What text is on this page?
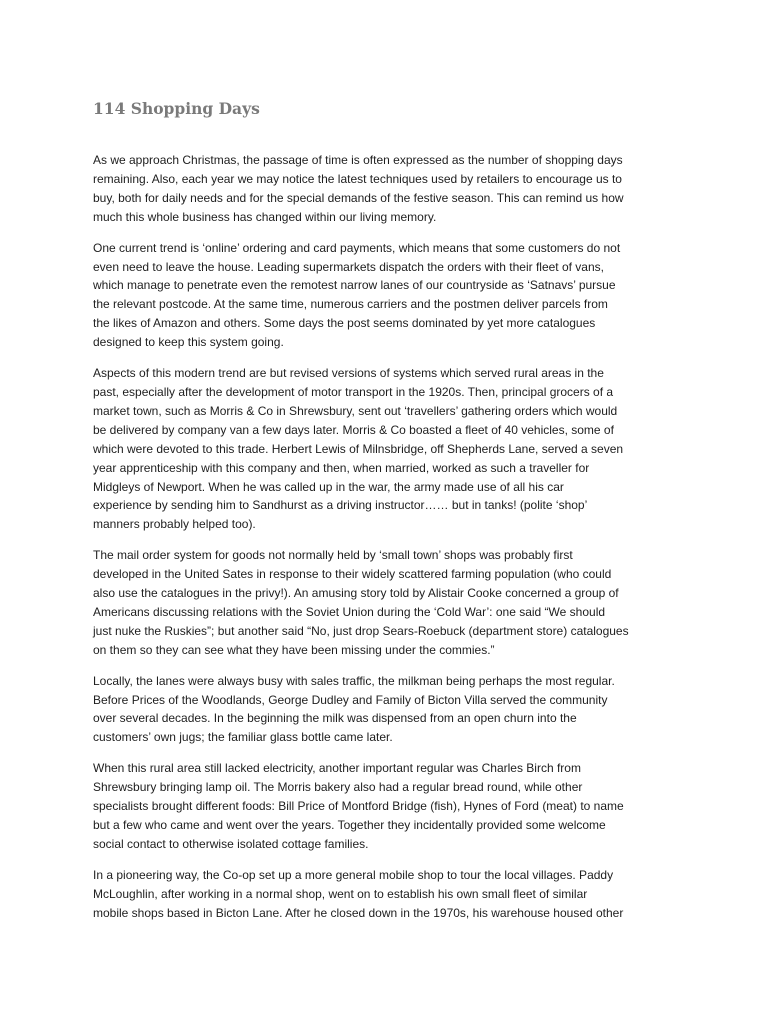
114 Shopping Days

As we approach Christmas, the passage of time is often expressed as the number of shopping days
remaining. Also, each year we may notice the latest techniques used by retailers to encourage us to
buy, both for daily needs and for the special demands of the festive season. This can remind us how
much this whole business has changed within our living memory.

One current trend is ‘online’ ordering and card payments, which means that some customers do not
even need to leave the house. Leading supermarkets dispatch the orders with their fleet of vans,
which manage to penetrate even the remotest narrow lanes of our countryside as ‘Satnavs’ pursue
the relevant postcode. At the same time, numerous carriers and the postmen deliver parcels from
the likes of Amazon and others. Some days the post seems dominated by yet more catalogues
designed to keep this system going.

Aspects of this modern trend are but revised versions of systems which served rural areas in the
past, especially after the development of motor transport in the 1920s. Then, principal grocers of a
market town, such as Morris & Co in Shrewsbury, sent out ‘travellers’ gathering orders which would
be delivered by company van a few days later. Morris & Co boasted a fleet of 40 vehicles, some of
which were devoted to this trade. Herbert Lewis of Milnsbridge, off Shepherds Lane, served a seven
year apprenticeship with this company and then, when married, worked as such a traveller for
Midgleys of Newport. When he was called up in the war, the army made use of all his car
experience by sending him to Sandhurst as a driving instructor…… but in tanks! (polite ‘shop’
manners probably helped too).

The mail order system for goods not normally held by ‘small town’ shops was probably first
developed in the United Sates in response to their widely scattered farming population (who could
also use the catalogues in the privy!). An amusing story told by Alistair Cooke concerned a group of
Americans discussing relations with the Soviet Union during the ‘Cold War’: one said “We should
just nuke the Ruskies”; but another said “No, just drop Sears-Roebuck (department store) catalogues
on them so they can see what they have been missing under the commies.”

Locally, the lanes were always busy with sales traffic, the milkman being perhaps the most regular.
Before Prices of the Woodlands, George Dudley and Family of Bicton Villa served the community
over several decades. In the beginning the milk was dispensed from an open churn into the
customers’ own jugs; the familiar glass bottle came later.

When this rural area still lacked electricity, another important regular was Charles Birch from
Shrewsbury bringing lamp oil. The Morris bakery also had a regular bread round, while other
specialists brought different foods: Bill Price of Montford Bridge (fish), Hynes of Ford (meat) to name
but a few who came and went over the years. Together they incidentally provided some welcome
social contact to otherwise isolated cottage families.

In a pioneering way, the Co-op set up a more general mobile shop to tour the local villages. Paddy
McLoughlin, after working in a normal shop, went on to establish his own small fleet of similar
mobile shops based in Bicton Lane. After he closed down in the 1970s, his warehouse housed other
